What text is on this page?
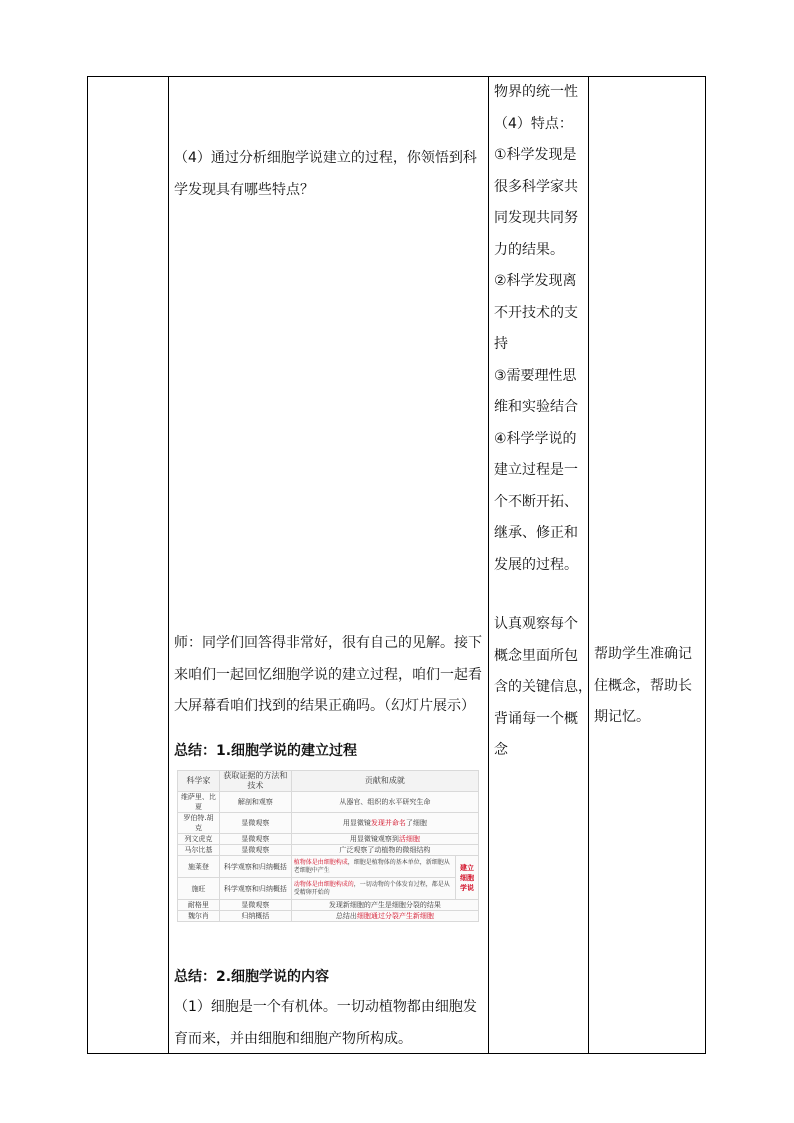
（4）通过分析细胞学说建立的过程，你领悟到科
学发现具有哪些特点？
师：同学们回答得非常好，很有自己的见解。接下
来咱们一起回忆细胞学说的建立过程，咱们一起看
大屏幕看咱们找到的结果正确吗。（幻灯片展示）
总结：1.细胞学说的建立过程
总结：2.细胞学说的内容
（1）细胞是一个有机体。一切动植物都由细胞发
育而来，并由细胞和细胞产物所构成。
物界的统一性
（4）特点：
①科学发现是
很多科学家共
同发现共同努
力的结果。
②科学发现离
不开技术的支
持
③需要理性思
维和实验结合
④科学学说的
建立过程是一
个不断开拓、
继承、修正和
发展的过程。
认真观察每个
概念里面所包
含的关键信息，
背诵每一个概
念
帮助学生准确记
住概念，帮助长
期记忆。
科学家	获取证据的方法和技术	贡献和成就	
维萨里、比夏	解剖和观察	从器官、组织的水平研究生命	
罗伯特.胡克	显微观察	用显微镜发现并命名了细胞	
列文虎克	显微观察	用显微镜观察到活细胞	
马尔比基	显微观察	广泛观察了动植物的微细结构	
施莱登	科学观察和归纳概括	植物体是由细胞构成，细胞是植物体的基本单位，新细胞从老细胞中产生	建立细胞学说
施旺	科学观察和归纳概括	动物体是由细胞构成的，一切动物的个体发育过程，都是从受精卵开始的	
耐格里	显微观察	发现新细胞的产生是细胞分裂的结果	
魏尔肖	归纳概括	总结出细胞通过分裂产生新细胞	
